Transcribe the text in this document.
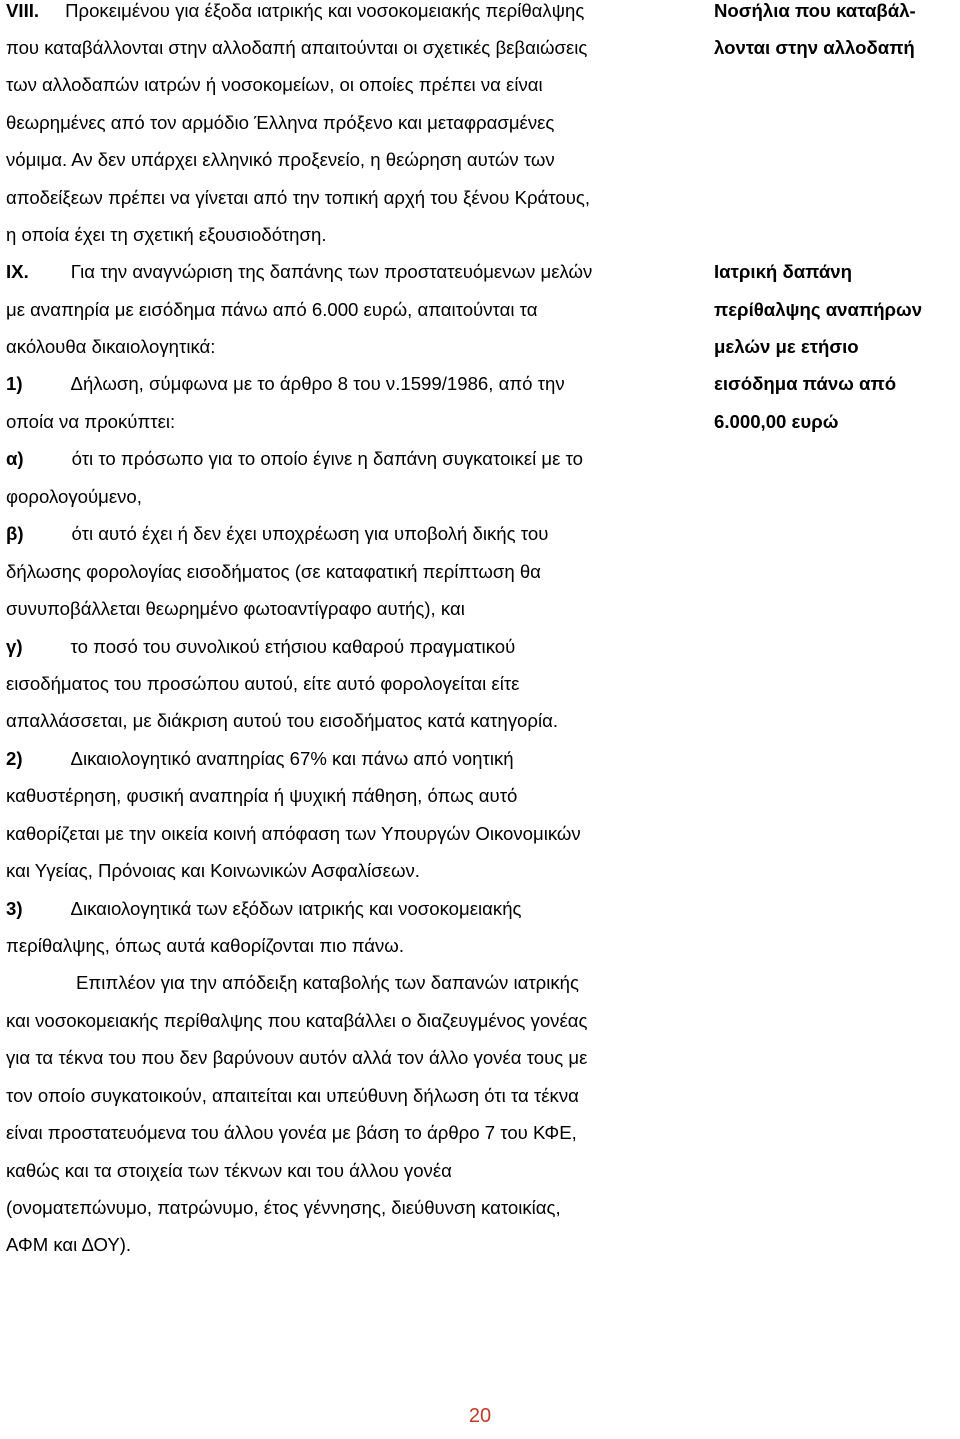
VIII. Προκειμένου για έξοδα ιατρικής και νοσοκομειακής περίθαλψης
που καταβάλλονται στην αλλοδαπή απαιτούνται οι σχετικές βεβαιώσεις
των αλλοδαπών ιατρών ή νοσοκομείων, οι οποίες πρέπει να είναι
θεωρημένες από τον αρμόδιο Έλληνα πρόξενο και μεταφρασμένες
νόμιμα. Αν δεν υπάρχει ελληνικό προξενείο, η θεώρηση αυτών των
αποδείξεων πρέπει να γίνεται από την τοπική αρχή του ξένου Κράτους,
η οποία έχει τη σχετική εξουσιοδότηση.
IX. Για την αναγνώριση της δαπάνης των προστατευόμενων μελών
με αναπηρία με εισόδημα πάνω από 6.000 ευρώ, απαιτούνται τα
ακόλουθα δικαιολογητικά:
1)	Δήλωση, σύμφωνα με το άρθρο 8 του ν.1599/1986, από την
οποία να προκύπτει:
α)	ότι το πρόσωπο για το οποίο έγινε η δαπάνη συγκατοικεί με το
φορολογούμενο,
β)	ότι αυτό έχει ή δεν έχει υποχρέωση για υποβολή δικής του
δήλωσης φορολογίας εισοδήματος (σε καταφατική περίπτωση θα
συνυποβάλλεται θεωρημένο φωτοαντίγραφο αυτής), και
γ)	το ποσό του συνολικού ετήσιου καθαρού πραγματικού
εισοδήματος του προσώπου αυτού, είτε αυτό φορολογείται είτε
απαλλάσσεται, με διάκριση αυτού του εισοδήματος κατά κατηγορία.
2)	Δικαιολογητικό αναπηρίας 67% και πάνω από νοητική
καθυστέρηση, φυσική αναπηρία ή ψυχική πάθηση, όπως αυτό
καθορίζεται με την οικεία κοινή απόφαση των Υπουργών Οικονομικών
και Υγείας, Πρόνοιας και Κοινωνικών Ασφαλίσεων.
3)	Δικαιολογητικά των εξόδων ιατρικής και νοσοκομειακής
περίθαλψης, όπως αυτά καθορίζονται πιο πάνω.
Επιπλέον για την απόδειξη καταβολής των δαπανών ιατρικής
και νοσοκομειακής περίθαλψης που καταβάλλει ο διαζευγμένος γονέας
για τα τέκνα του που δεν βαρύνουν αυτόν αλλά τον άλλο γονέα τους με
τον οποίο συγκατοικούν, απαιτείται και υπεύθυνη δήλωση ότι τα τέκνα
είναι προστατευόμενα του άλλου γονέα με βάση το άρθρο 7 του ΚΦΕ,
καθώς και τα στοιχεία των τέκνων και του άλλου γονέα
(ονοματεπώνυμο, πατρώνυμο, έτος γέννησης, διεύθυνση κατοικίας,
ΑΦΜ και ΔΟΥ).
Νοσήλια που καταβάλ-
λονται στην αλλοδαπή
Ιατρική δαπάνη
περίθαλψης αναπήρων
μελών με ετήσιο
εισόδημα πάνω από
6.000,00 ευρώ
20
